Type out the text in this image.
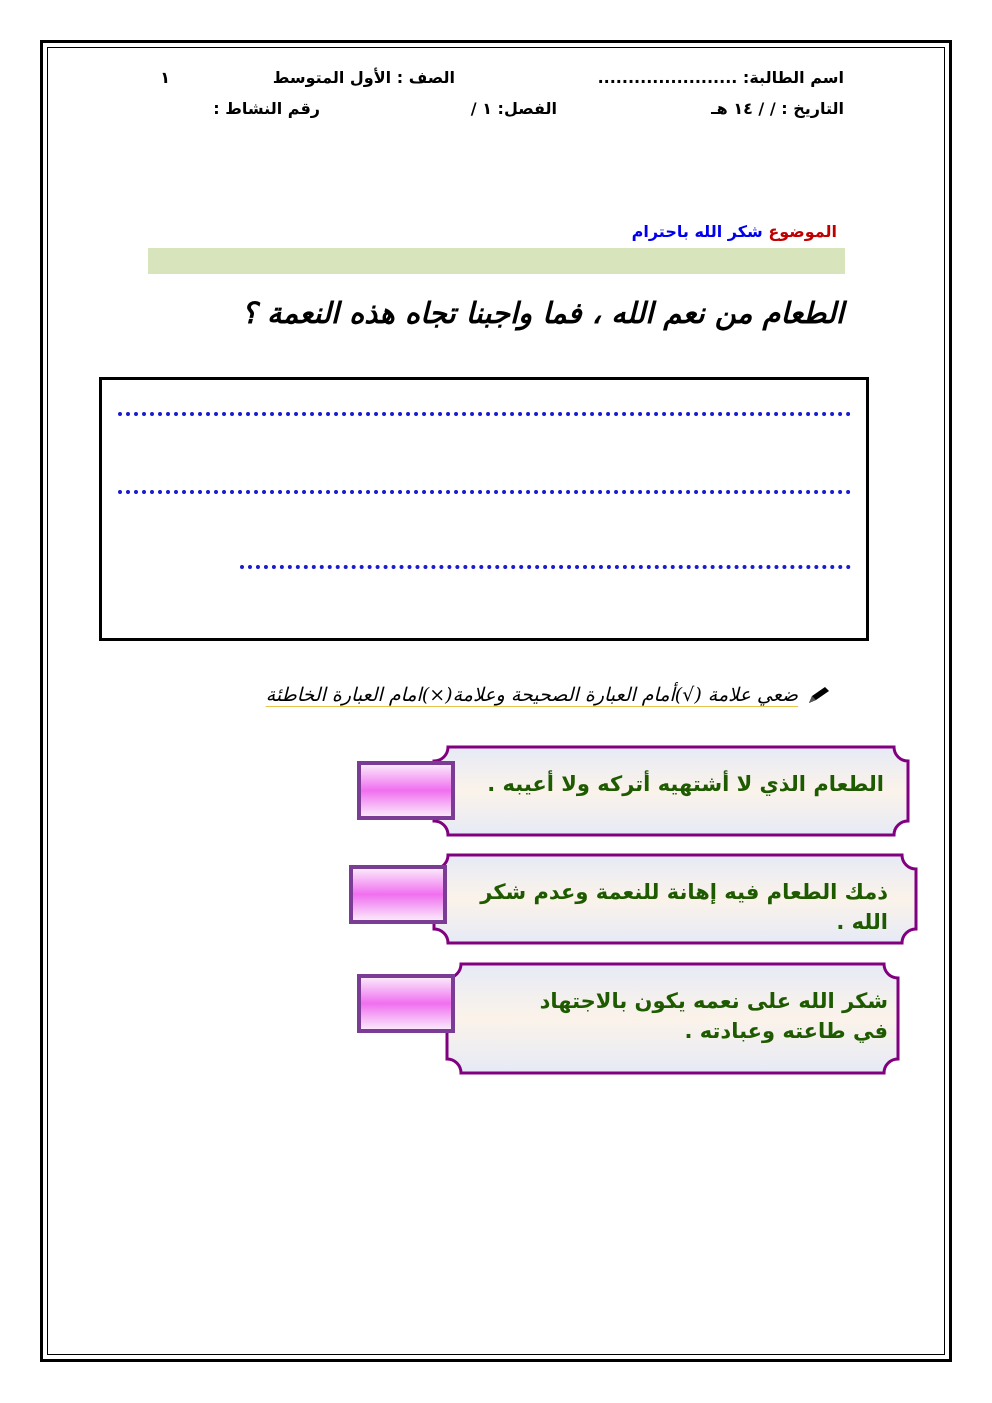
اسم الطالبة: .......................
الصف : الأول المتوسط
١
التاريخ : / / ١٤ هـ
الفصل: ١ /
رقم النشاط :
الموضوع شكر الله باحترام
الطعام من نعم الله ، فما واجبنا تجاه هذه النعمة ؟
ضعي علامة (√)أمام العبارة الصحيحة وعلامة(×)امام العبارة الخاطئة
الطعام الذي لا أشتهيه أتركه ولا أعيبه .
ذمك الطعام فيه إهانة للنعمة وعدم شكر الله .
شكر الله على نعمه يكون بالاجتهاد في طاعته وعبادته .
